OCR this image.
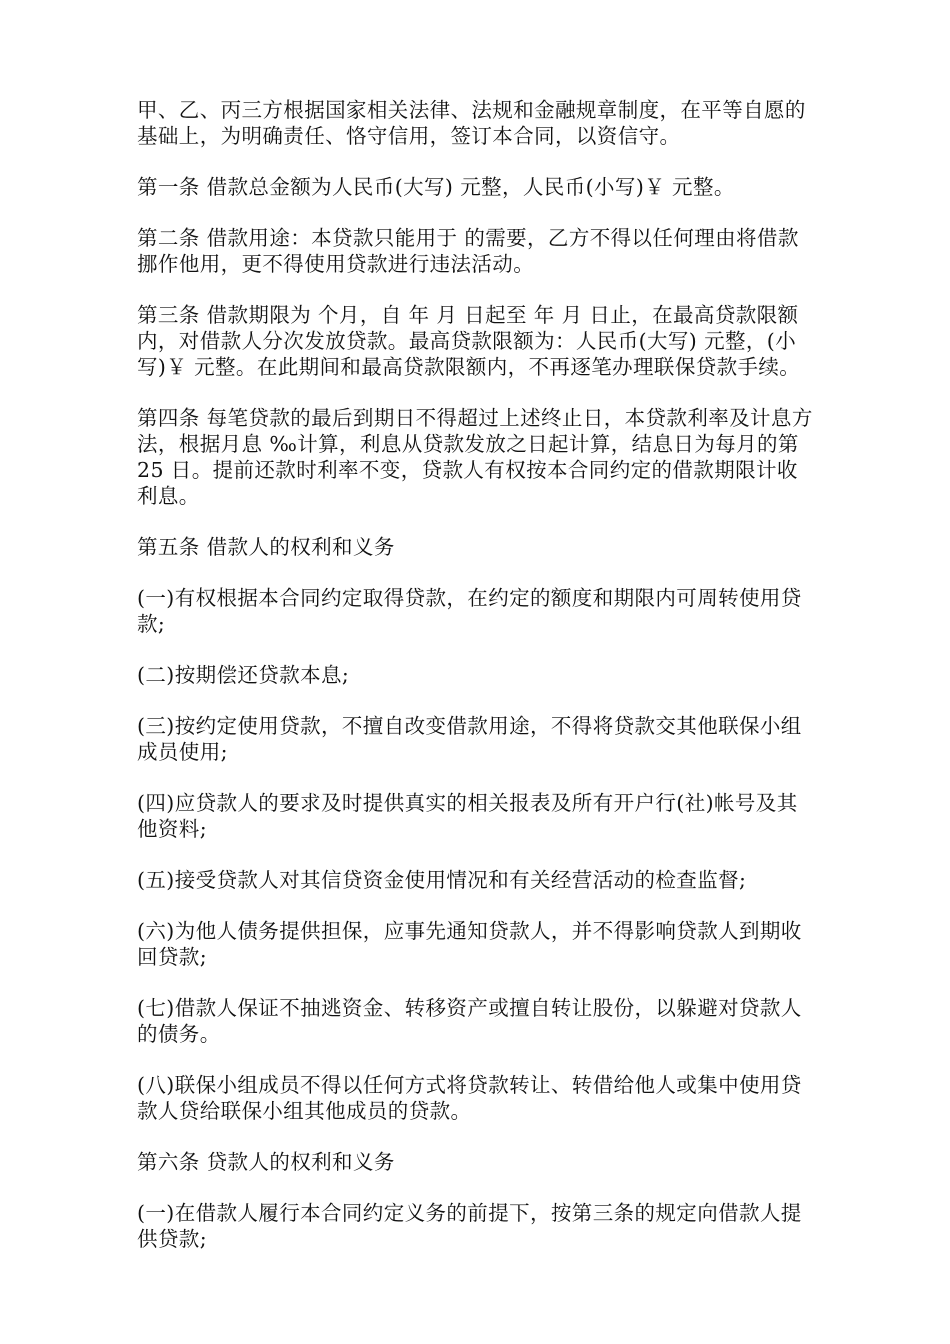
甲、乙、丙三方根据国家相关法律、法规和金融规章制度，在平等自愿的基础上，为明确责任、恪守信用，签订本合同，以资信守。

第一条 借款总金额为人民币(大写) 元整，人民币(小写)￥ 元整。

第二条 借款用途：本贷款只能用于 的需要，乙方不得以任何理由将借款挪作他用，更不得使用贷款进行违法活动。

第三条 借款期限为 个月，自 年 月 日起至 年 月 日止，在最高贷款限额内，对借款人分次发放贷款。最高贷款限额为：人民币(大写) 元整，(小写)￥ 元整。在此期间和最高贷款限额内，不再逐笔办理联保贷款手续。

第四条 每笔贷款的最后到期日不得超过上述终止日，本贷款利率及计息方法，根据月息 ‰计算，利息从贷款发放之日起计算，结息日为每月的第 25 日。提前还款时利率不变，贷款人有权按本合同约定的借款期限计收利息。

第五条 借款人的权利和义务

(一)有权根据本合同约定取得贷款，在约定的额度和期限内可周转使用贷款;

(二)按期偿还贷款本息;

(三)按约定使用贷款，不擅自改变借款用途，不得将贷款交其他联保小组成员使用;

(四)应贷款人的要求及时提供真实的相关报表及所有开户行(社)帐号及其他资料;

(五)接受贷款人对其信贷资金使用情况和有关经营活动的检查监督;

(六)为他人债务提供担保，应事先通知贷款人，并不得影响贷款人到期收回贷款;

(七)借款人保证不抽逃资金、转移资产或擅自转让股份，以躲避对贷款人的债务。

(八)联保小组成员不得以任何方式将贷款转让、转借给他人或集中使用贷款人贷给联保小组其他成员的贷款。

第六条 贷款人的权利和义务

(一)在借款人履行本合同约定义务的前提下，按第三条的规定向借款人提供贷款;
